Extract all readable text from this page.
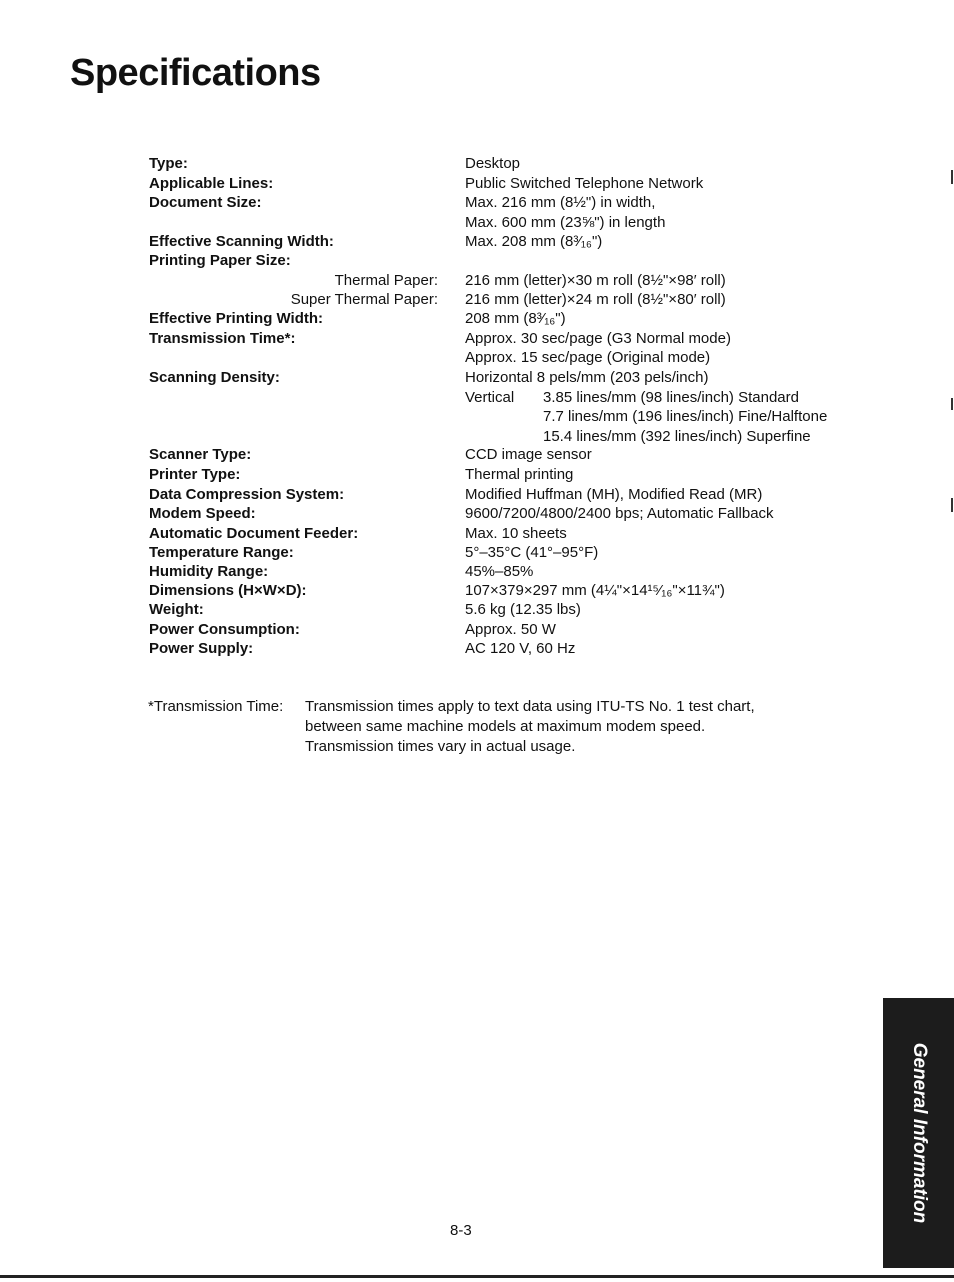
Specifications
Type:	Desktop
Applicable Lines:	Public Switched Telephone Network
Document Size:	Max. 216 mm (8½") in width,
Max. 600 mm (23⅝") in length
Effective Scanning Width:	Max. 208 mm (8³⁄₁₆")
Printing Paper Size:
Thermal Paper: 216 mm (letter)×30 m roll (8½"×98′ roll)
Super Thermal Paper: 216 mm (letter)×24 m roll (8½"×80′ roll)
Effective Printing Width:	208 mm (8³⁄₁₆")
Transmission Time*:	Approx. 30 sec/page (G3 Normal mode)
Approx. 15 sec/page (Original mode)
Scanning Density:	Horizontal 8 pels/mm (203 pels/inch)
Vertical 3.85 lines/mm (98 lines/inch) Standard
7.7 lines/mm (196 lines/inch) Fine/Halftone
15.4 lines/mm (392 lines/inch) Superfine
Scanner Type:	CCD image sensor
Printer Type:	Thermal printing
Data Compression System:	Modified Huffman (MH), Modified Read (MR)
Modem Speed:	9600/7200/4800/2400 bps; Automatic Fallback
Automatic Document Feeder:	Max. 10 sheets
Temperature Range:	5°–35°C (41°–95°F)
Humidity Range:	45%–85%
Dimensions (H×W×D):	107×379×297 mm (4¼"×14¹⁵⁄₁₆"×11¾")
Weight:	5.6 kg (12.35 lbs)
Power Consumption:	Approx. 50 W
Power Supply:	AC 120 V, 60 Hz
*Transmission Time: Transmission times apply to text data using ITU-TS No. 1 test chart,
between same machine models at maximum modem speed.
Transmission times vary in actual usage.
8-3
General Information
